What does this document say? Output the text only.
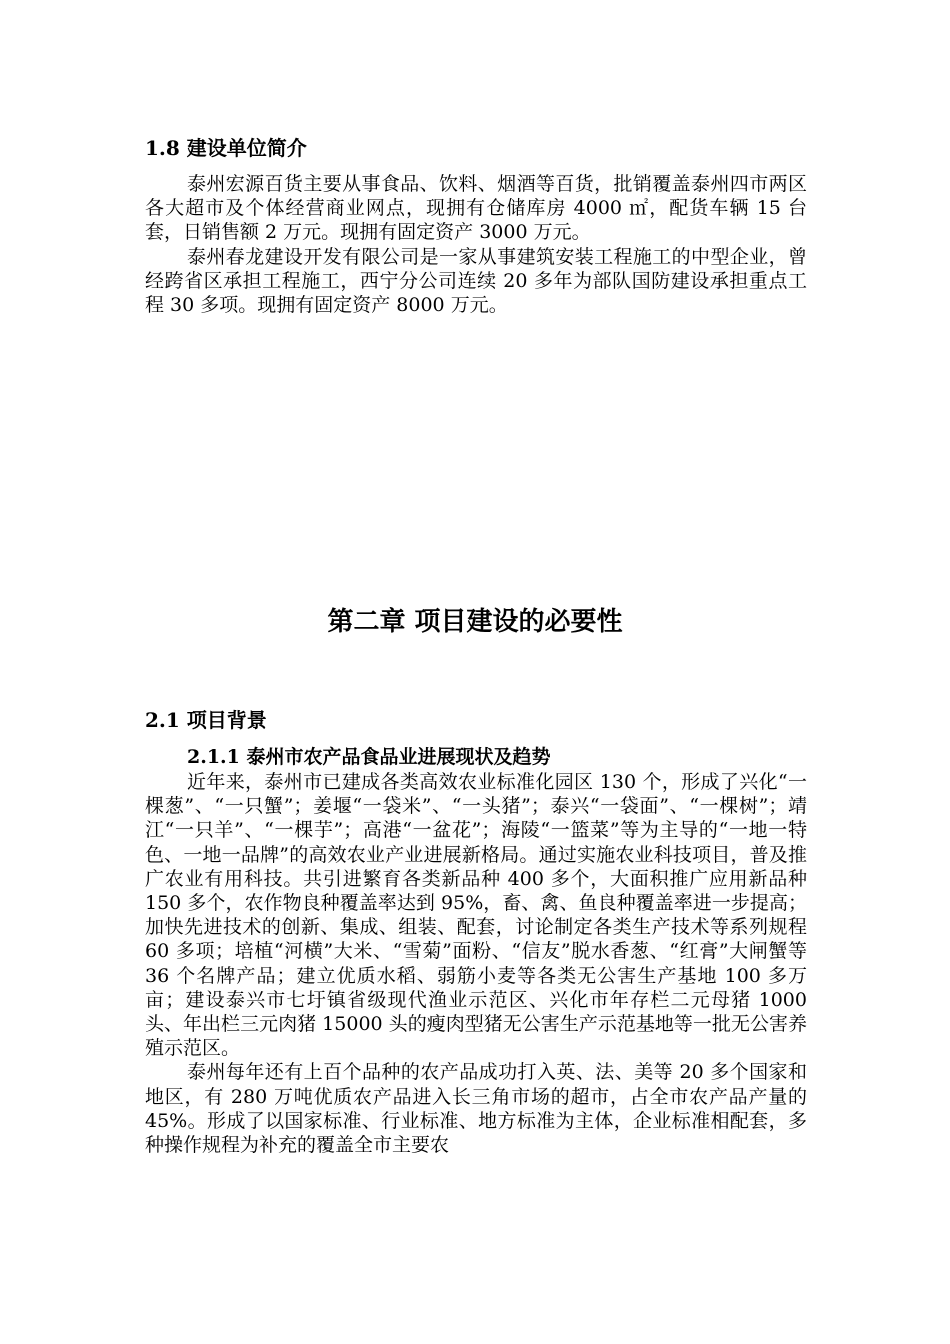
1.8 建设单位简介

泰州宏源百货主要从事食品、饮料、烟酒等百货，批销覆盖泰州四市两区各大超市及个体经营商业网点，现拥有仓储库房 4000 ㎡，配货车辆 15 台套，日销售额 2 万元。现拥有固定资产 3000 万元。

泰州春龙建设开发有限公司是一家从事建筑安装工程施工的中型企业，曾经跨省区承担工程施工，西宁分公司连续 20 多年为部队国防建设承担重点工程 30 多项。现拥有固定资产 8000 万元。

第二章 项目建设的必要性
2.1 项目背景
2.1.1 泰州市农产品食品业进展现状及趋势

近年来，泰州市已建成各类高效农业标准化园区 130 个，形成了兴化“一棵葱”、“一只蟹”；姜堰“一袋米”、“一头猪”；泰兴“一袋面”、“一棵树”；靖江“一只羊”、“一棵芋”；高港“一盆花”；海陵“一篮菜”等为主导的“一地一特色、一地一品牌”的高效农业产业进展新格局。通过实施农业科技项目，普及推广农业有用科技。共引进繁育各类新品种 400 多个，大面积推广应用新品种 150 多个，农作物良种覆盖率达到 95%，畜、禽、鱼良种覆盖率进一步提高；加快先进技术的创新、集成、组装、配套，讨论制定各类生产技术等系列规程 60 多项；培植“河横”大米、“雪菊”面粉、“信友”脱水香葱、“红膏”大闸蟹等 36 个名牌产品；建立优质水稻、弱筋小麦等各类无公害生产基地 100 多万亩；建设泰兴市七圩镇省级现代渔业示范区、兴化市年存栏二元母猪 1000 头、年出栏三元肉猪 15000 头的瘦肉型猪无公害生产示范基地等一批无公害养殖示范区。

泰州每年还有上百个品种的农产品成功打入英、法、美等 20 多个国家和地区，有 280 万吨优质农产品进入长三角市场的超市，占全市农产品产量的 45%。形成了以国家标准、行业标准、地方标准为主体，企业标准相配套，多种操作规程为补充的覆盖全市主要农
